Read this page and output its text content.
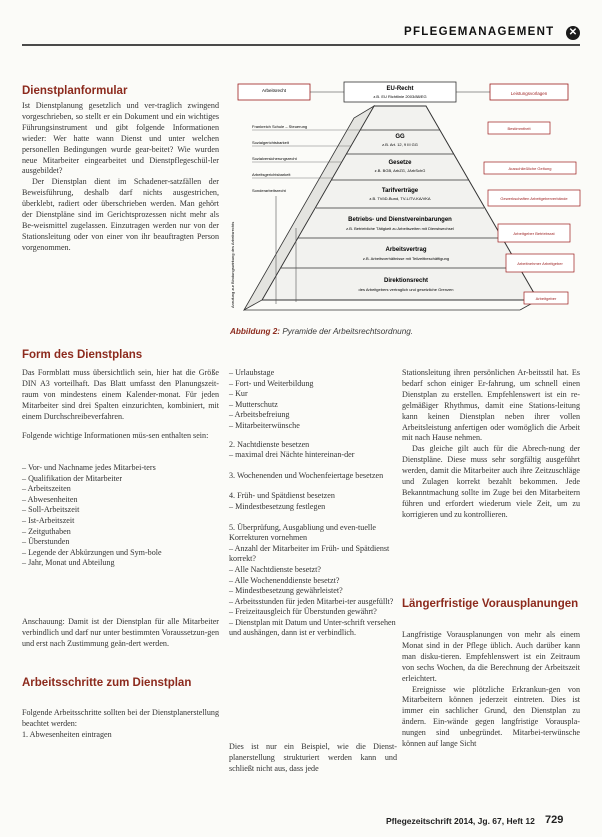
PFLEGEMANAGEMENT ✕
Dienstplanformular

Ist Dienstplanung gesetzlich und ver-traglich zwingend vorgeschrieben, so stellt er ein Dokument und ein wichtiges Führungsinstrument und gibt folgende Informationen wieder: Wer hatte wann Dienst und unter welchen personellen Bedingungen wurde gear-beitet? Wie wurden neue Mitarbeiter eingearbeitet und Dienstpflegeschül-ler ausgebildet?

Der Dienstplan dient im Schadener-satzfällen der Beweisführung, deshalb darf nichts ausgestrichen, überklebt, radiert oder überschrieben werden. Man gehört der Dienstpläne sind im Gerichtsprozessen nicht mehr als Be-weismittel zugelassen. Einzutragen werden nur von der Stationsleitung oder von einer von ihr beauftragten Person vorgenommen.

EU-Recht
z.B. EU Richtlinie 2003/88/EG
GG
z.B. Art. 12, 9 III GG
Gesetze
z.B. BGB, ArbZG, JArbSchG
Tarifverträge
z.B. TVöD-Bund, TV-L/TV-KA/VKA
Betriebs- und Dienstvereinbarungen
z.B. Betriebliche Tätigkeit zu Arbeitszeiten mit Dienstwechsel
Arbeitsvertrag
z.B. Arbeitsverhältnisse mit Teilzeitbeschäftigung
Direktionsrecht
des Arbeitgebers vertraglich und gesetzliche Grenzen
Arbeitsrecht
Frankreich Schule – Steuerung
Sozialgerichtsbarkeit
Sozialversicherungsrecht
Arbeitsgerichtsbarkeit
Sonderarbeitsrecht
Anrufung zur Bindungswirkung des Arbeitsrechts
Leistungsvorlagen
Bestimmtheit
Ausschließliche Geltung
Gewerkschaften Arbeitgeberverbände
Arbeitgeber Betriebsrat
Arbeitnehmer Arbeitgeber
Arbeitgeber
Abbildung 2: Pyramide der Arbeitsrechtsordnung.
Form des Dienstplans

Das Formblatt muss übersichtlich sein, hier hat die Größe DIN A3 vorteilhaft. Das Blatt umfasst den Planungszeit-raum von mindestens einem Kalender-monat. Für jeden Mitarbeiter sind drei Spalten einzurichten, kombiniert, mit einem Durchschreibeverfahren.

Folgende wichtige Informationen müs-sen enthalten sein:

– Vor- und Nachname jedes Mitarbei-ters
– Qualifikation der Mitarbeiter
– Arbeitszeiten
– Abwesenheiten
– Soll-Arbeitszeit
– Ist-Arbeitszeit
– Zeitguthaben
– Überstunden
– Legende der Abkürzungen und Sym-bole
– Jahr, Monat und Abteilung
Anschauung: Damit ist der Dienstplan für alle Mitarbeiter verbindlich und darf nur unter bestimmten Voraussetzun-gen und erst nach Zustimmung geän-dert werden.
Arbeitsschritte zum Dienstplan

Folgende Arbeitsschritte sollten bei der Dienstplanerstellung beachtet werden:

1. Abwesenheiten eintragen

– Urlaubstage
– Fort- und Weiterbildung
– Kur
– Mutterschutz
– Arbeitsbefreiung
– Mitarbeiterwünsche
2. Nachtdienste besetzen
– maximal drei Nächte hintereinan-der
3. Wochenenden und Wochenfeiertage besetzen
4. Früh- und Spätdienst besetzen
– Mindestbesetzung festlegen
5. Überprüfung, Ausgabliung und even-tuelle Korrekturen vornehmen
– Anzahl der Mitarbeiter im Früh- und Spätdienst korrekt?
– Alle Nachtdienste besetzt?
– Alle Wochenenddienste besetzt?
– Mindestbesetzung gewährleistet?
– Arbeitsstunden für jeden Mitarbei-ter ausgefüllt?
– Freizeitausgleich für Überstunden gewährt?
– Dienstplan mit Datum und Unter-schrift versehen und aushängen, dann ist er verbindlich.
Dies ist nur ein Beispiel, wie die Dienst-planerstellung strukturiert werden kann und schließt nicht aus, dass jede

Stationsleitung ihren persönlichen Ar-beitsstil hat. Es bedarf schon einiger Er-fahrung, um schnell einen Dienstplan zu erstellen. Empfehlenswert ist ein re-gelmäßiger Rhythmus, damit eine Stations-leitung kann keinen Dienstplan neben ihrer vollen Arbeitsleistung anfertigen oder womöglich die Arbeit mit nach Hause nehmen.

Das gleiche gilt auch für die Abrech-nung der Dienstpläne. Diese muss sehr sorgfältig ausgeführt werden, damit die Mitarbeiter auch ihre Zeitzuschläge und Zulagen korrekt bezahlt bekommen. Jede Bekanntmachung sollte im Zuge bei den Mitarbeitern führen und erfordert wiederum viele Zeit, um zu korrigieren und zu kontrollieren.

Längerfristige Vorausplanungen

Langfristige Vorausplanungen von mehr als einem Monat sind in der Pflege üblich. Auch darüber kann man disku-tieren. Empfehlenswert ist ein Zeitraum von sechs Wochen, da die Berechnung der Arbeitszeit erleichtert.

Ereignisse wie plötzliche Erkrankun-gen von Mitarbeitern können jederzeit eintreten. Dies ist immer ein sachlicher Grund, den Dienstplan zu ändern. Ein-wände gegen langfristige Vorauspla-nungen sind unbegründet. Mitarbei-terwünsche können auf lange Sicht

Pflegezeitschrift 2014, Jg. 67, Heft 12 729
